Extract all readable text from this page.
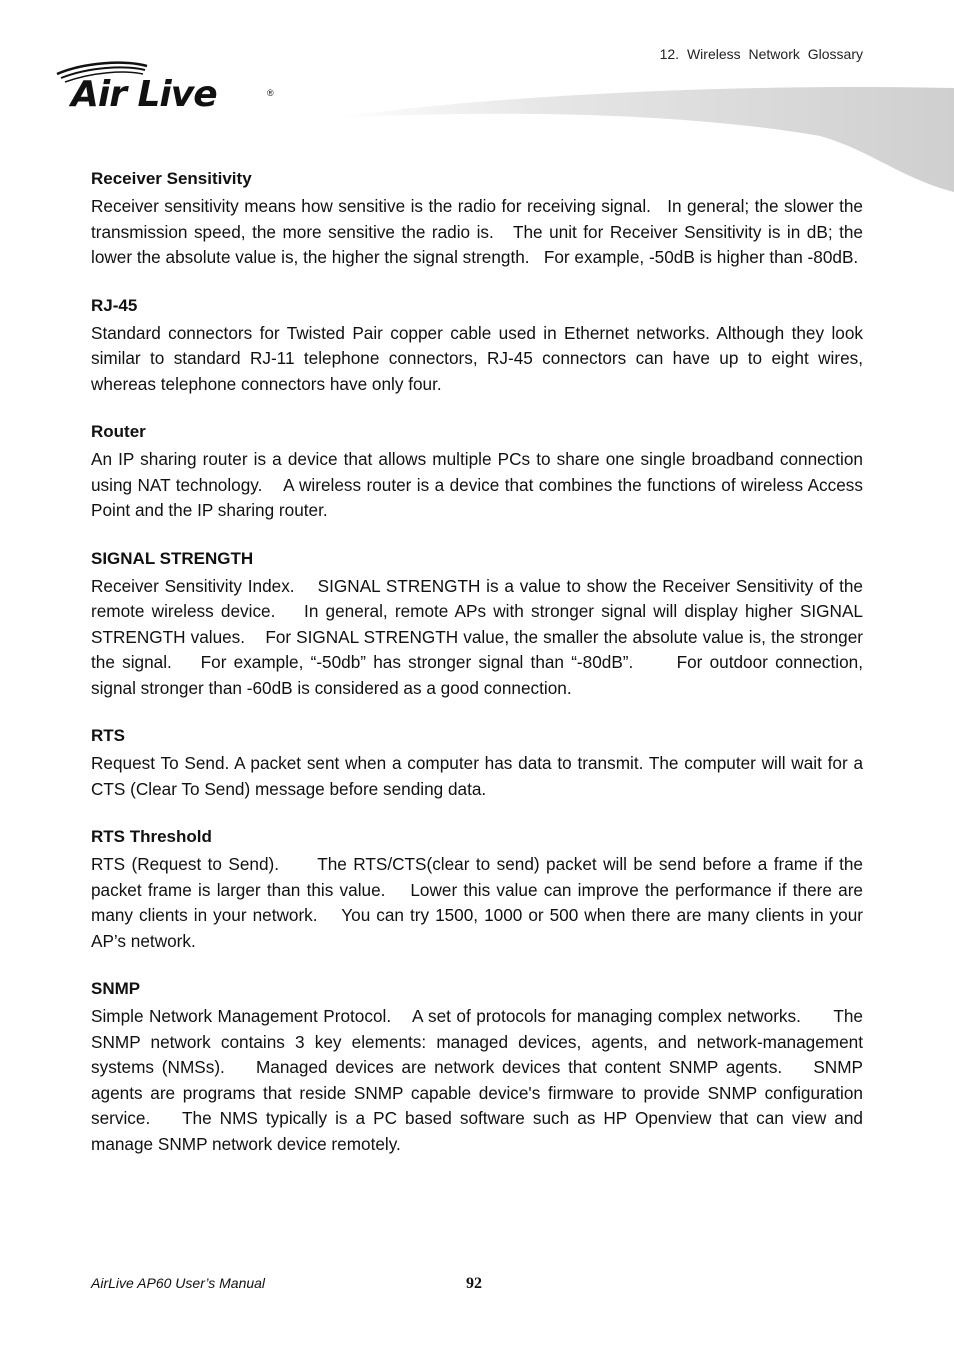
12. Wireless Network Glossary
Air Live	®

Receiver Sensitivity

Receiver sensitivity means how sensitive is the radio for receiving signal.   In general; the slower the transmission speed, the more sensitive the radio is.   The unit for Receiver Sensitivity is in dB; the lower the absolute value is, the higher the signal strength.   For example, -50dB is higher than -80dB.

RJ-45

Standard connectors for Twisted Pair copper cable used in Ethernet networks. Although they look similar to standard RJ-11 telephone connectors, RJ-45 connectors can have up to eight wires, whereas telephone connectors have only four.

Router

An IP sharing router is a device that allows multiple PCs to share one single broadband connection using NAT technology.    A wireless router is a device that combines the functions of wireless Access Point and the IP sharing router.

SIGNAL STRENGTH

Receiver Sensitivity Index.    SIGNAL STRENGTH is a value to show the Receiver Sensitivity of the remote wireless device.    In general, remote APs with stronger signal will display higher SIGNAL STRENGTH values.    For SIGNAL STRENGTH value, the smaller the absolute value is, the stronger the signal.    For example, “-50db” has stronger signal than “-80dB”.      For outdoor connection, signal stronger than -60dB is considered as a good connection.

RTS

Request To Send. A packet sent when a computer has data to transmit. The computer will wait for a CTS (Clear To Send) message before sending data.

RTS Threshold

RTS (Request to Send).      The RTS/CTS(clear to send) packet will be send before a frame if the packet frame is larger than this value.    Lower this value can improve the performance if there are many clients in your network.    You can try 1500, 1000 or 500 when there are many clients in your AP’s network.

SNMP

Simple Network Management Protocol.    A set of protocols for managing complex networks.      The SNMP network contains 3 key elements: managed devices, agents, and network-management systems (NMSs).    Managed devices are network devices that content SNMP agents.    SNMP agents are programs that reside SNMP capable device's firmware to provide SNMP configuration service.    The NMS typically is a PC based software such as HP Openview that can view and manage SNMP network device remotely.

AirLive AP60 User’s Manual	92
